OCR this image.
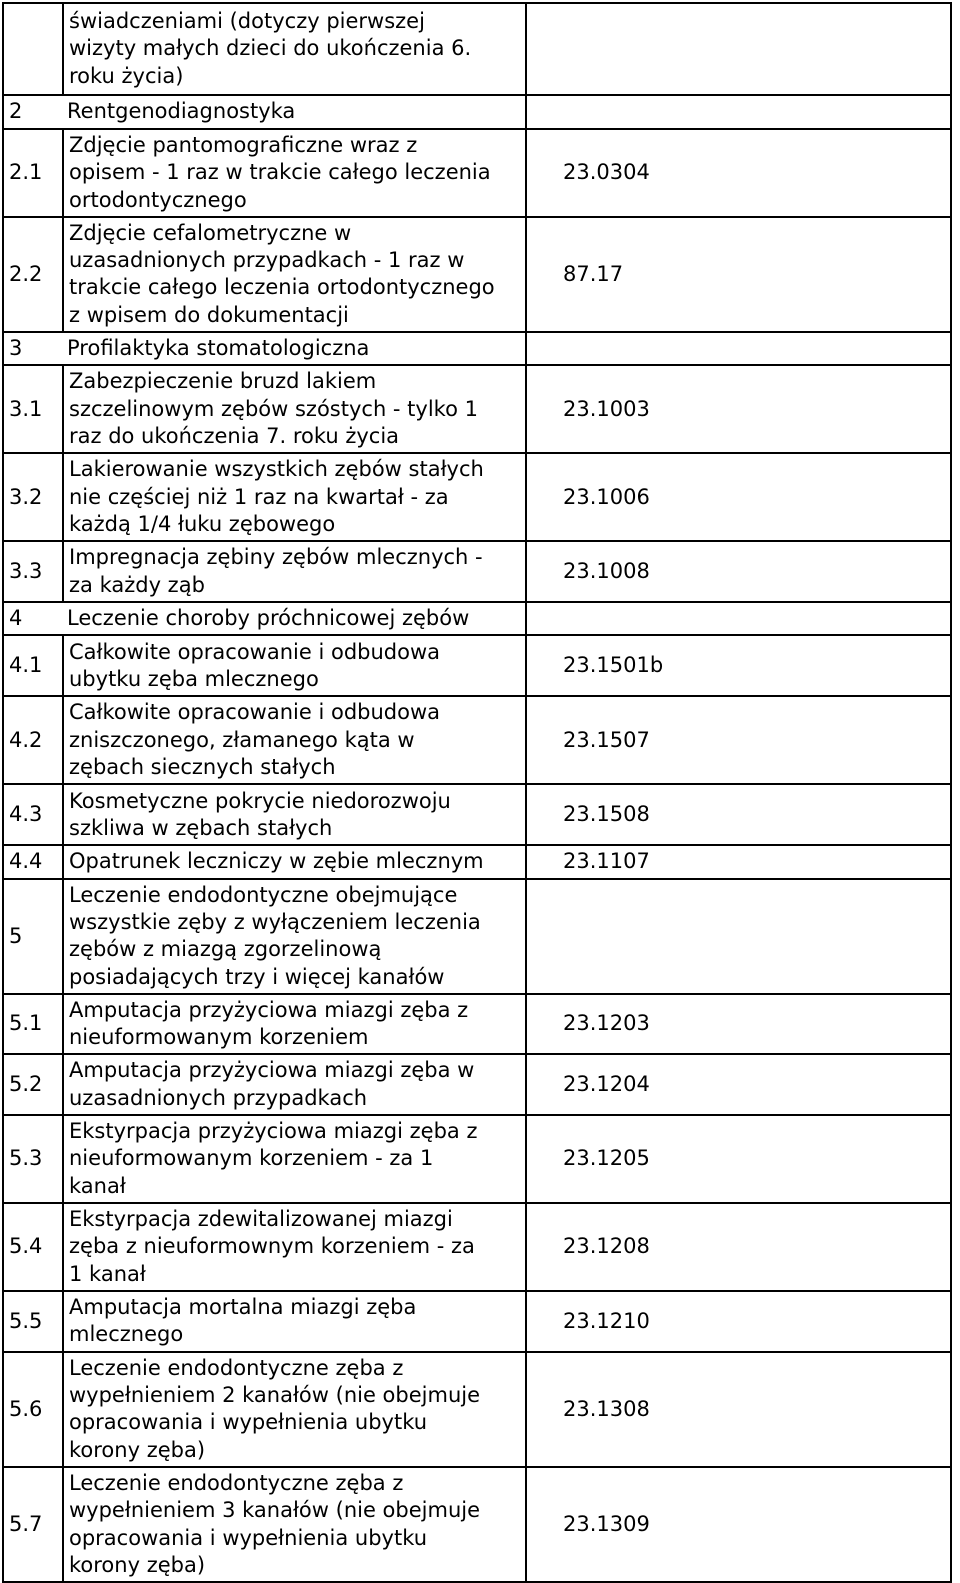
	świadczeniami (dotyczy pierwszej
wizyty małych dzieci do ukończenia 6.
roku życia)	

2 Rentgenodiagnostyka		
2.1	Zdjęcie pantomograficzne wraz z
opisem - 1 raz w trakcie całego leczenia
ortodontycznego	23.0304
2.2	Zdjęcie cefalometryczne w
uzasadnionych przypadkach - 1 raz w
trakcie całego leczenia ortodontycznego
z wpisem do dokumentacji	87.17
3 Profilaktyka stomatologiczna		
3.1	Zabezpieczenie bruzd lakiem
szczelinowym zębów szóstych - tylko 1
raz do ukończenia 7. roku życia	23.1003
3.2	Lakierowanie wszystkich zębów stałych
nie częściej niż 1 raz na kwartał - za
każdą 1/4 łuku zębowego	23.1006
3.3	Impregnacja zębiny zębów mlecznych -
za każdy ząb	23.1008
4 Leczenie choroby próchnicowej zębów		
4.1	Całkowite opracowanie i odbudowa
ubytku zęba mlecznego	23.1501b
4.2	Całkowite opracowanie i odbudowa
zniszczonego, złamanego kąta w
zębach siecznych stałych	23.1507
4.3	Kosmetyczne pokrycie niedorozwoju
szkliwa w zębach stałych	23.1508
4.4	Opatrunek leczniczy w zębie mlecznym	23.1107
5	Leczenie endodontyczne obejmujące
wszystkie zęby z wyłączeniem leczenia
zębów z miazgą zgorzelinową
posiadających trzy i więcej kanałów	

5.1	Amputacja przyżyciowa miazgi zęba z
nieuformowanym korzeniem	23.1203
5.2	Amputacja przyżyciowa miazgi zęba w
uzasadnionych przypadkach	23.1204
5.3	Ekstyrpacja przyżyciowa miazgi zęba z
nieuformowanym korzeniem - za 1
kanał	23.1205
5.4	Ekstyrpacja zdewitalizowanej miazgi
zęba z nieuformownym korzeniem - za
1 kanał	23.1208
5.5	Amputacja mortalna miazgi zęba
mlecznego	23.1210
5.6	Leczenie endodontyczne zęba z
wypełnieniem 2 kanałów (nie obejmuje
opracowania i wypełnienia ubytku
korony zęba)	23.1308
5.7	Leczenie endodontyczne zęba z
wypełnieniem 3 kanałów (nie obejmuje
opracowania i wypełnienia ubytku
korony zęba)	23.1309
